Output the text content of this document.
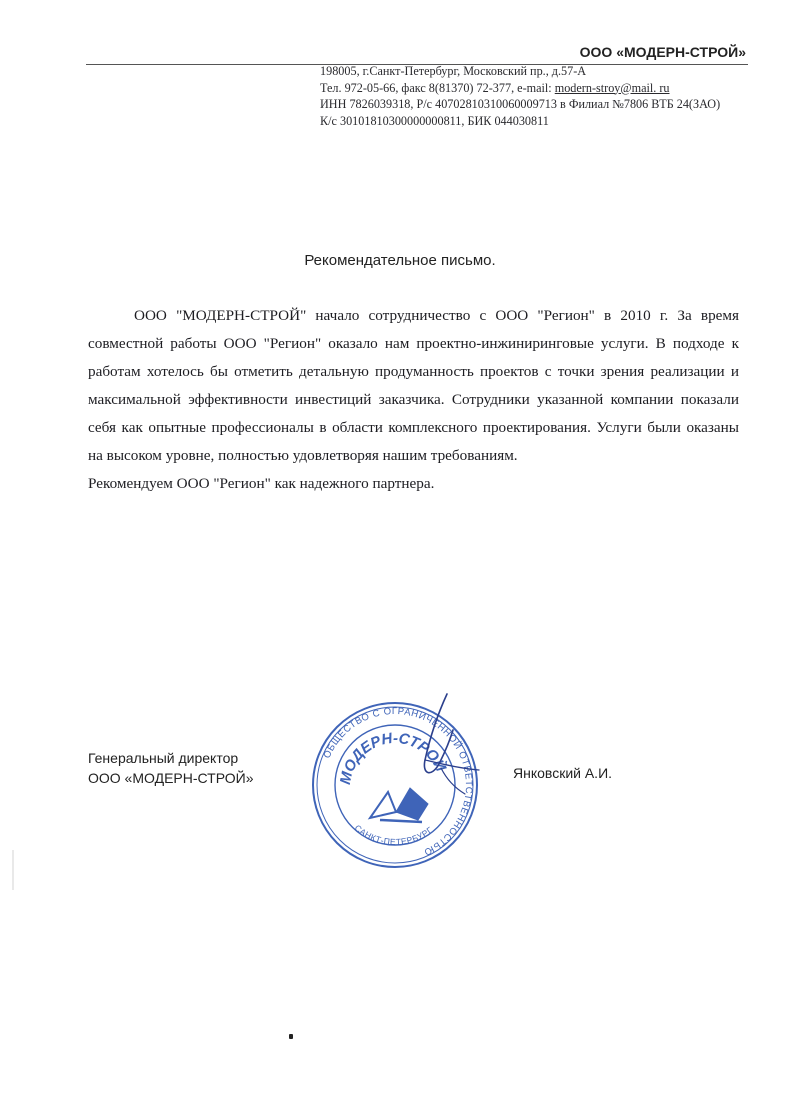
ООО «МОДЕРН-СТРОЙ»
198005, г.Санкт-Петербург, Московский пр., д.57-А
Тел. 972-05-66, факс 8(81370) 72-377, e-mail: modern-stroy@mail. ru
ИНН 7826039318, Р/с 40702810310060009713 в Филиал №7806 ВТБ 24(ЗАО)
К/с 30101810300000000811, БИК 044030811
Рекомендательное письмо.

ООО "МОДЕРН-СТРОЙ" начало сотрудничество с ООО "Регион" в 2010 г. За время совместной работы ООО "Регион" оказало нам проектно-инжиниринговые услуги. В подходе к работам хотелось бы отметить детальную продуманность проектов с точки зрения реализации и максимальной эффективности инвестиций заказчика. Сотрудники указанной компании показали себя как опытные профессионалы в области комплексного проектирования. Услуги были оказаны на высоком уровне, полностью удовлетворяя нашим требованиям.

Рекомендуем ООО "Регион" как надежного партнера.

Генеральный директор
ООО «МОДЕРН-СТРОЙ»
ОБЩЕСТВО С ОГРАНИЧЕННОЙ ОТВЕТСТВЕННОСТЬЮ
МОДЕРН-СТРОЙ
САНКТ-ПЕТЕРБУРГ
Янковский А.И.
